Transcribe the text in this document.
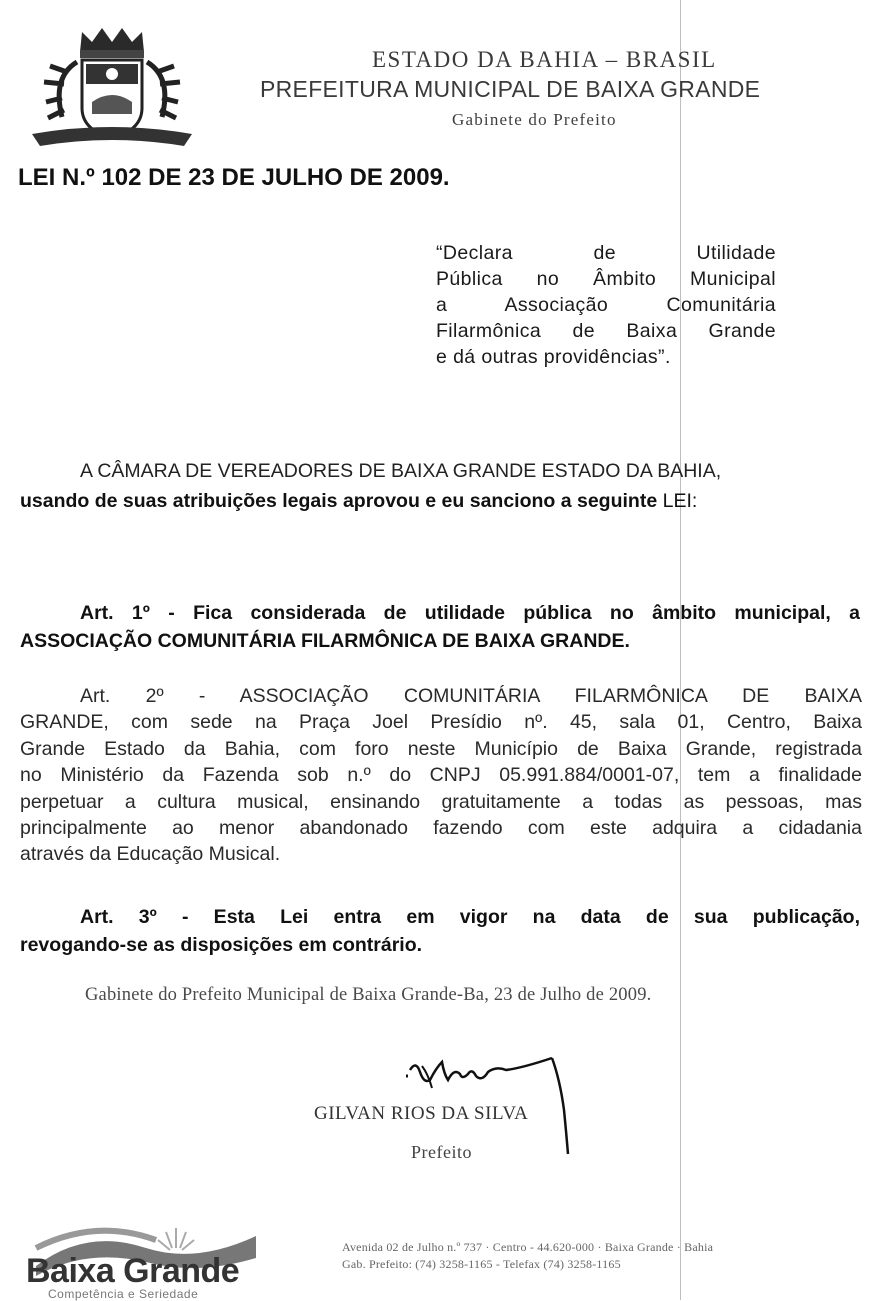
ESTADO DA BAHIA – BRASIL
PREFEITURA MUNICIPAL DE BAIXA GRANDE
Gabinete do Prefeito
LEI N.º 102 DE 23 DE JULHO DE 2009.
“Declara de Utilidade
Pública no Âmbito Municipal
a Associação Comunitária
Filarmônica de Baixa Grande
e dá outras providências”.
A CÂMARA DE VEREADORES DE BAIXA GRANDE ESTADO DA BAHIA,
usando de suas atribuições legais aprovou e eu sanciono a seguinte LEI:
Art. 1º - Fica considerada de utilidade pública no âmbito municipal, a
ASSOCIAÇÃO COMUNITÁRIA FILARMÔNICA DE BAIXA GRANDE.
Art. 2º - ASSOCIAÇÃO COMUNITÁRIA FILARMÔNICA DE BAIXA
GRANDE, com sede na Praça Joel Presídio nº. 45, sala 01, Centro, Baixa
Grande Estado da Bahia, com foro neste Município de Baixa Grande, registrada
no Ministério da Fazenda sob n.º do CNPJ 05.991.884/0001-07, tem a finalidade
perpetuar a cultura musical, ensinando gratuitamente a todas as pessoas, mas
principalmente ao menor abandonado fazendo com este adquira a cidadania
através da Educação Musical.
Art. 3º - Esta Lei entra em vigor na data de sua publicação,
revogando-se as disposições em contrário.
Gabinete do Prefeito Municipal de Baixa Grande-Ba, 23 de Julho de 2009.
GILVAN RIOS DA SILVA
Prefeito
Baixa Grande
Competência e Seriedade
Avenida 02 de Julho n.º 737 · Centro - 44.620-000 · Baixa Grande · Bahia
Gab. Prefeito: (74) 3258-1165 - Telefax (74) 3258-1165
